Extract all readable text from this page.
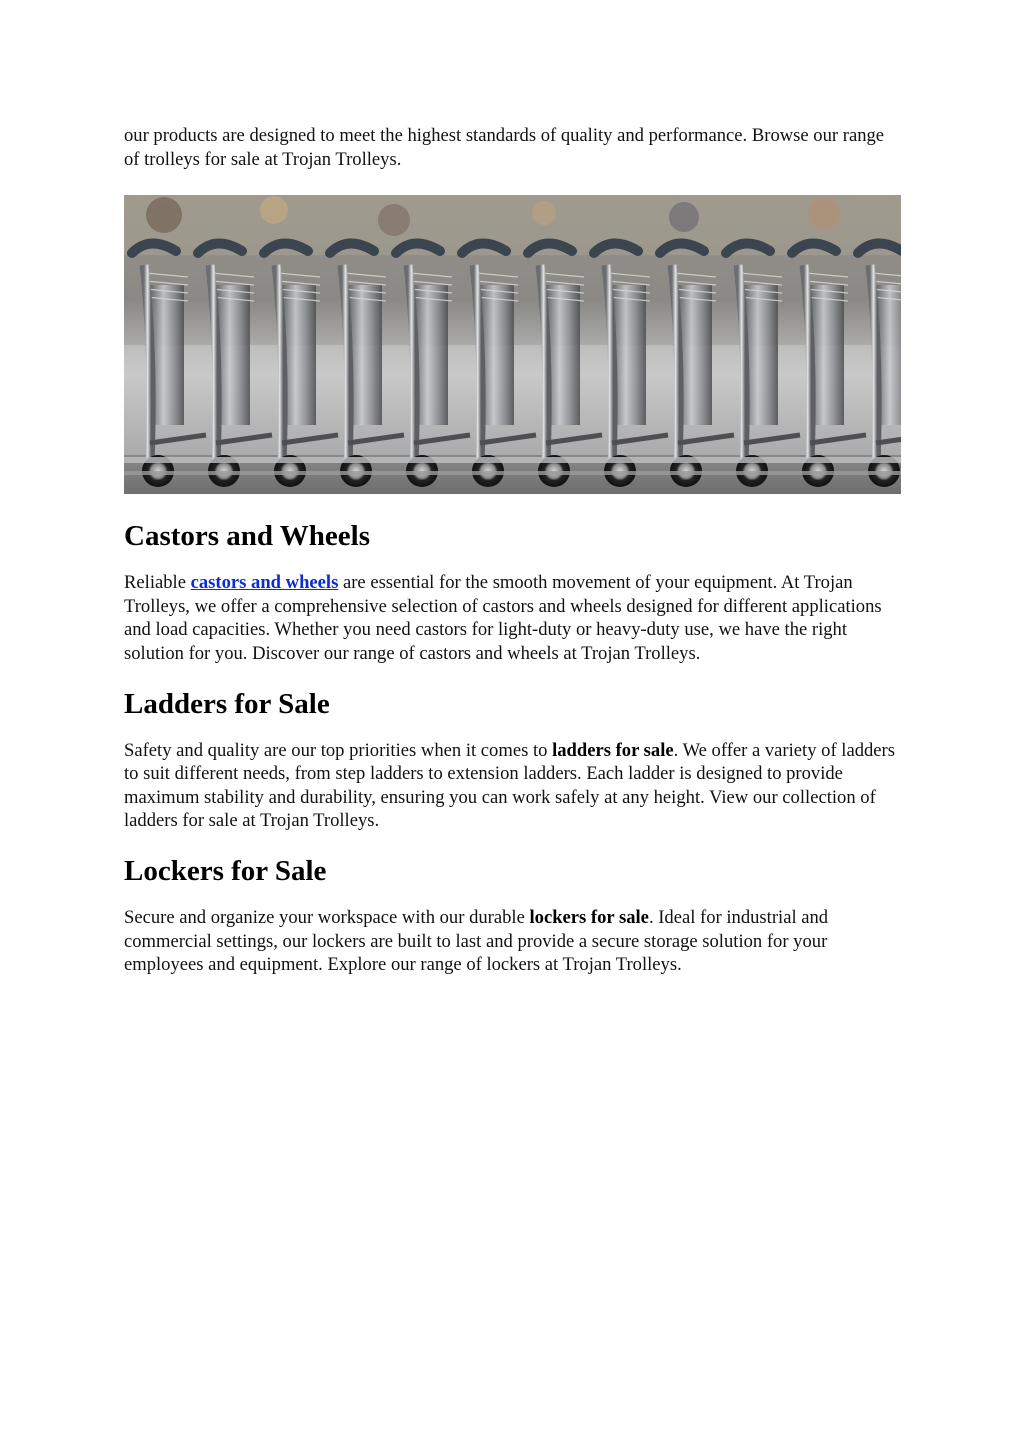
our products are designed to meet the highest standards of quality and performance. Browse our range of trolleys for sale at Trojan Trolleys.

Castors and Wheels

Reliable castors and wheels are essential for the smooth movement of your equipment. At Trojan Trolleys, we offer a comprehensive selection of castors and wheels designed for different applications and load capacities. Whether you need castors for light-duty or heavy-duty use, we have the right solution for you. Discover our range of castors and wheels at Trojan Trolleys.

Ladders for Sale

Safety and quality are our top priorities when it comes to ladders for sale. We offer a variety of ladders to suit different needs, from step ladders to extension ladders. Each ladder is designed to provide maximum stability and durability, ensuring you can work safely at any height. View our collection of ladders for sale at Trojan Trolleys.

Lockers for Sale

Secure and organize your workspace with our durable lockers for sale. Ideal for industrial and commercial settings, our lockers are built to last and provide a secure storage solution for your employees and equipment. Explore our range of lockers at Trojan Trolleys.
